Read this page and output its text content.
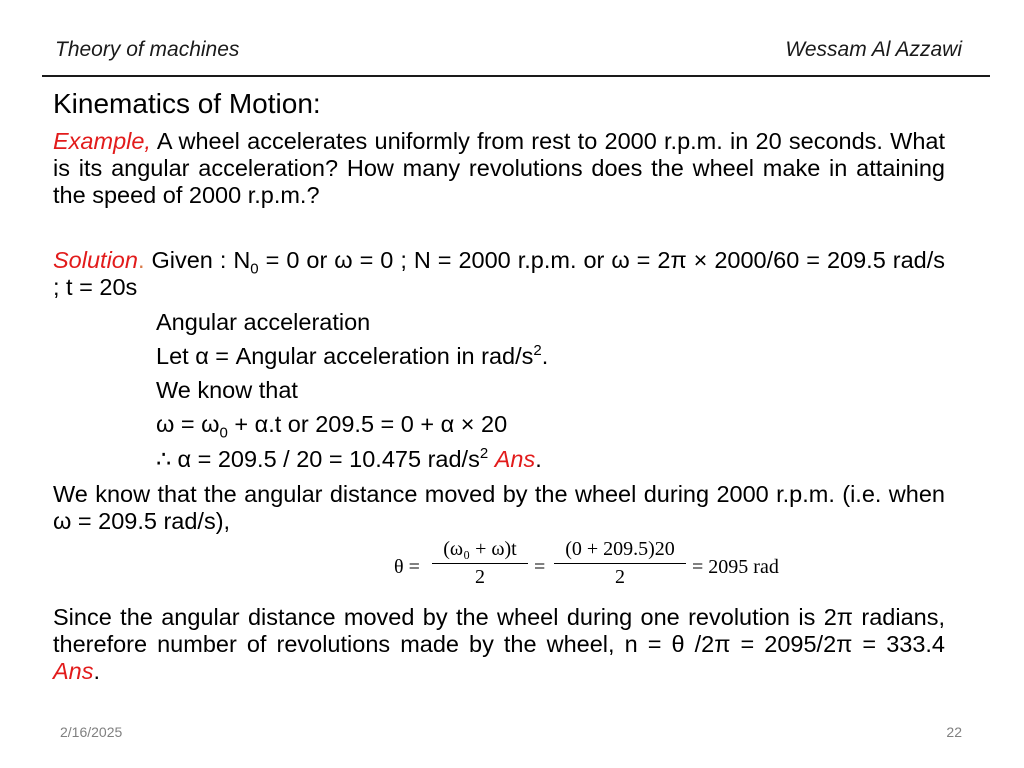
Theory of machines	Wessam Al Azzawi
Kinematics of Motion:
Example, A wheel accelerates uniformly from rest to 2000 r.p.m. in 20 seconds. What is its angular acceleration? How many revolutions does the wheel make in attaining the speed of 2000 r.p.m.?
Solution. Given : $N_0 = 0$ or ω = 0 ; N = 2000 r.p.m. or ω = 2π × 2000/60 = 209.5 rad/s ; t = 20s
Angular acceleration
Let α = Angular acceleration in rad/$s^2$.
We know that
$\omega = \omega_0 + \alpha.t$ or 209.5 = 0 + α × 20
∴ α = 209.5 / 20 = 10.475 rad/$s^2$ Ans.
We know that the angular distance moved by the wheel during 2000 r.p.m. (i.e. when ω = 209.5 rad/s),
θ =
(ω₀ + ω)t
2	=
(0 + 209.5)20
2	= 2095 rad
Since the angular distance moved by the wheel during one revolution is 2π radians, therefore number of revolutions made by the wheel, n = θ /2π = 2095/2π = 333.4 Ans.
2/16/2025	22
